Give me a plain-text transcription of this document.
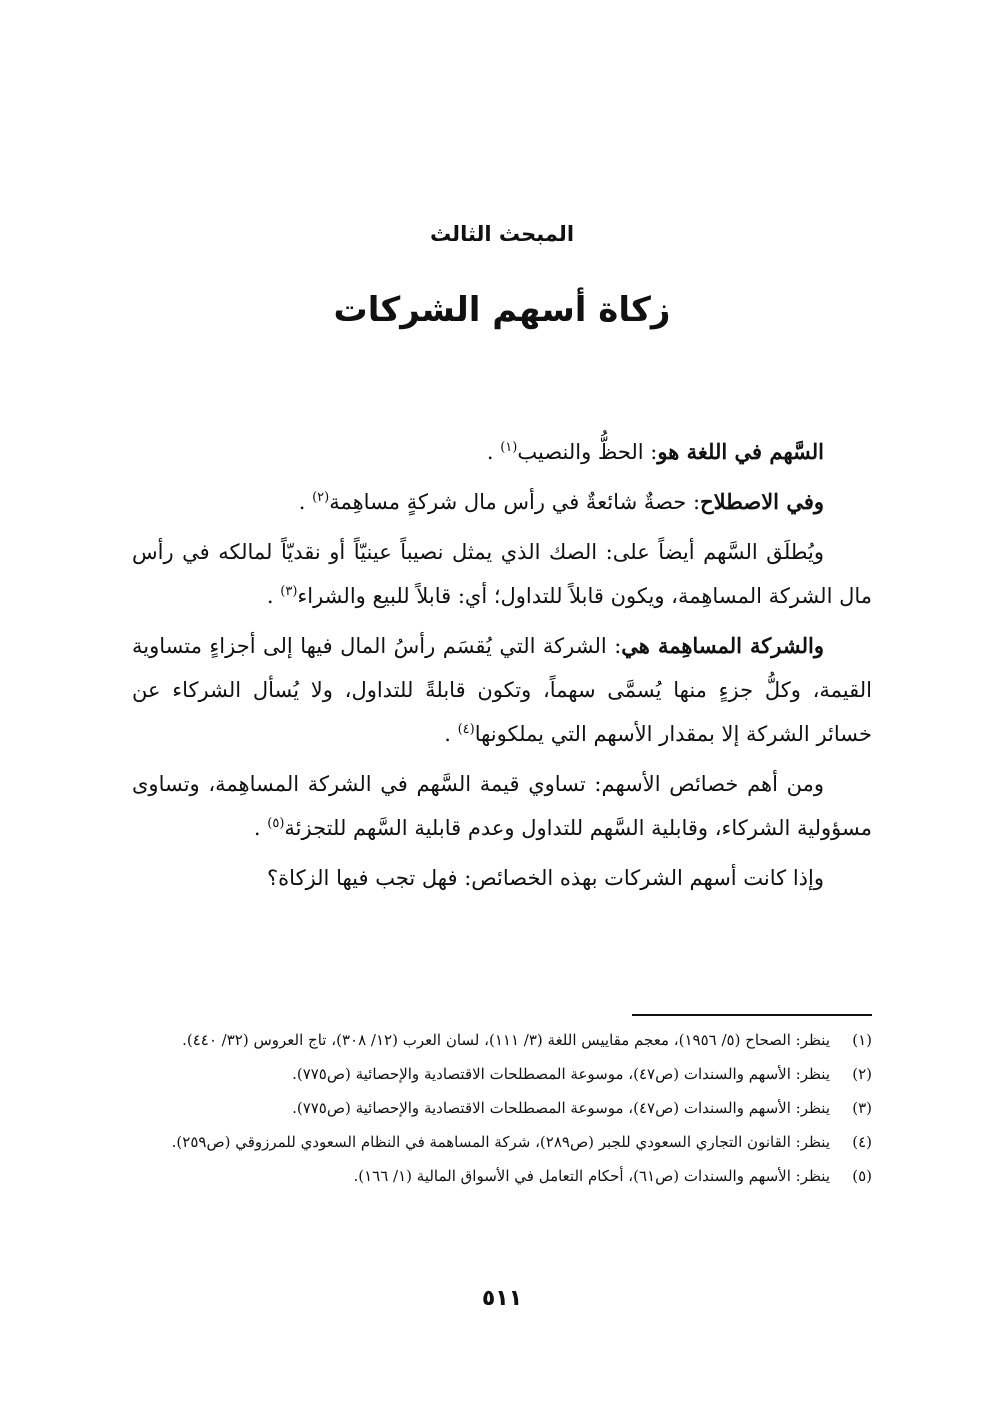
المبحث الثالث
زكاة أسهم الشركات

السَّهم في اللغة هو: الحظُّ والنصيب$^{(١)}$ .

وفي الاصطلاح: حصةٌ شائعةٌ في رأس مال شركةٍ مساهِمة$^{(٢)}$ .

ويُطلَق السَّهم أيضاً على: الصك الذي يمثل نصيباً عينيّاً أو نقديّاً لمالكه في رأس مال الشركة المساهِمة، ويكون قابلاً للتداول؛ أي: قابلاً للبيع والشراء$^{(٣)}$ .

والشركة المساهِمة هي: الشركة التي يُقسَم رأسُ المال فيها إلى أجزاءٍ متساوية القيمة، وكلُّ جزءٍ منها يُسمَّى سهماً، وتكون قابلةً للتداول، ولا يُسأل الشركاء عن خسائر الشركة إلا بمقدار الأسهم التي يملكونها$^{(٤)}$ .

ومن أهم خصائص الأسهم: تساوي قيمة السَّهم في الشركة المساهِمة، وتساوى مسؤولية الشركاء، وقابلية السَّهم للتداول وعدم قابلية السَّهم للتجزئة$^{(٥)}$ .

وإذا كانت أسهم الشركات بهذه الخصائص: فهل تجب فيها الزكاة؟

(١)
ينظر: الصحاح (٥/ ١٩٥٦)، معجم مقاييس اللغة (٣/ ١١١)، لسان العرب (١٢/ ٣٠٨)، تاج العروس (٣٢/ ٤٤٠).
(٢)
ينظر: الأسهم والسندات (ص٤٧)، موسوعة المصطلحات الاقتصادية والإحصائية (ص٧٧٥).
(٣)
ينظر: الأسهم والسندات (ص٤٧)، موسوعة المصطلحات الاقتصادية والإحصائية (ص٧٧٥).
(٤)
ينظر: القانون التجاري السعودي للجبر (ص٢٨٩)، شركة المساهمة في النظام السعودي للمرزوقي (ص٢٥٩).
(٥)
ينظر: الأسهم والسندات (ص٦١)، أحكام التعامل في الأسواق المالية (١/ ١٦٦).
٥١١
